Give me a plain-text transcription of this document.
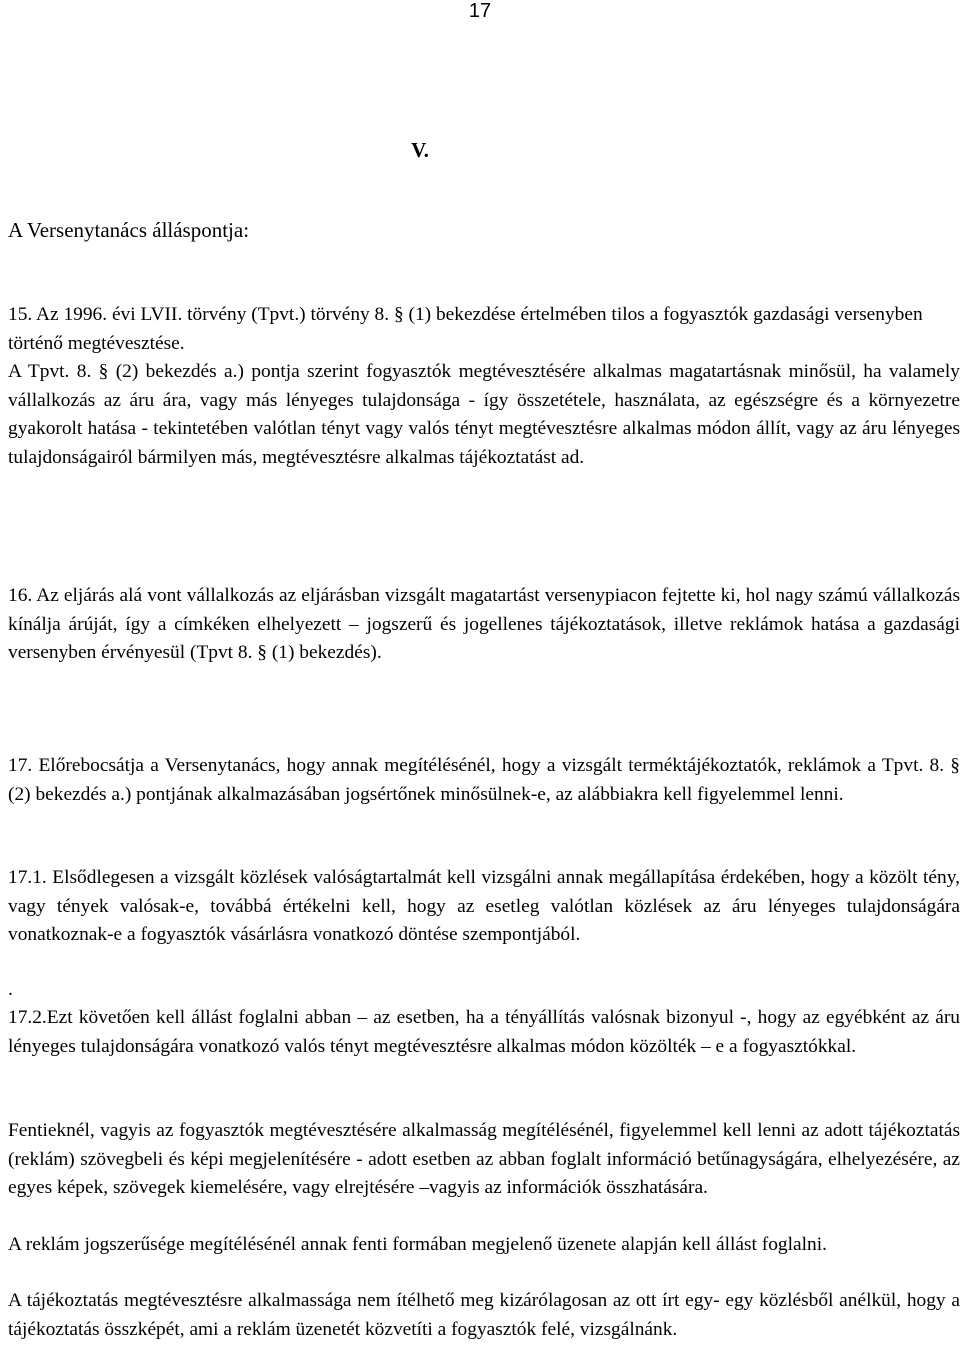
17
V.
A Versenytanács álláspontja:

15. Az 1996. évi LVII. törvény (Tpvt.) törvény 8. § (1) bekezdése értelmében tilos a fogyasztók gazdasági versenyben történő megtévesztése.

A Tpvt. 8. § (2) bekezdés a.) pontja szerint fogyasztók megtévesztésére alkalmas magatartásnak minősül, ha valamely vállalkozás az áru ára, vagy más lényeges tulajdonsága - így összetétele, használata, az egészségre és a környezetre gyakorolt hatása - tekintetében valótlan tényt vagy valós tényt megtévesztésre alkalmas módon állít, vagy az áru lényeges tulajdonságairól bármilyen más, megtévesztésre alkalmas tájékoztatást ad.

16. Az eljárás alá vont vállalkozás az eljárásban vizsgált magatartást versenypiacon fejtette ki, hol nagy számú vállalkozás kínálja árúját, így a címkéken elhelyezett – jogszerű és jogellenes tájékoztatások, illetve reklámok hatása a gazdasági versenyben érvényesül (Tpvt 8. § (1) bekezdés).

17. Előrebocsátja a Versenytanács, hogy annak megítélésénél, hogy a vizsgált terméktájékoztatók, reklámok a Tpvt. 8. § (2) bekezdés a.) pontjának alkalmazásában jogsértőnek minősülnek-e, az alábbiakra kell figyelemmel lenni.

17.1. Elsődlegesen a vizsgált közlések valóságtartalmát kell vizsgálni annak megállapítása érdekében, hogy a közölt tény, vagy tények valósak-e, továbbá értékelni kell, hogy az esetleg valótlan közlések az áru lényeges tulajdonságára vonatkoznak-e a fogyasztók vásárlásra vonatkozó döntése szempontjából.

.

17.2.Ezt követően kell állást foglalni abban – az esetben, ha a tényállítás valósnak bizonyul -, hogy az egyébként az áru lényeges tulajdonságára vonatkozó valós tényt megtévesztésre alkalmas módon közölték – e a fogyasztókkal.

Fentieknél, vagyis az fogyasztók megtévesztésére alkalmasság megítélésénél, figyelemmel kell lenni az adott tájékoztatás (reklám) szövegbeli és képi megjelenítésére - adott esetben az abban foglalt információ betűnagyságára, elhelyezésére, az egyes képek, szövegek kiemelésére, vagy elrejtésére –vagyis az információk összhatására.

A reklám jogszerűsége megítélésénél annak fenti formában megjelenő üzenete alapján kell állást foglalni.

A tájékoztatás megtévesztésre alkalmassága nem ítélhető meg kizárólagosan az ott írt egy- egy közlésből anélkül, hogy a tájékoztatás összképét, ami a reklám üzenetét közvetíti a fogyasztók felé, vizsgálnánk.
